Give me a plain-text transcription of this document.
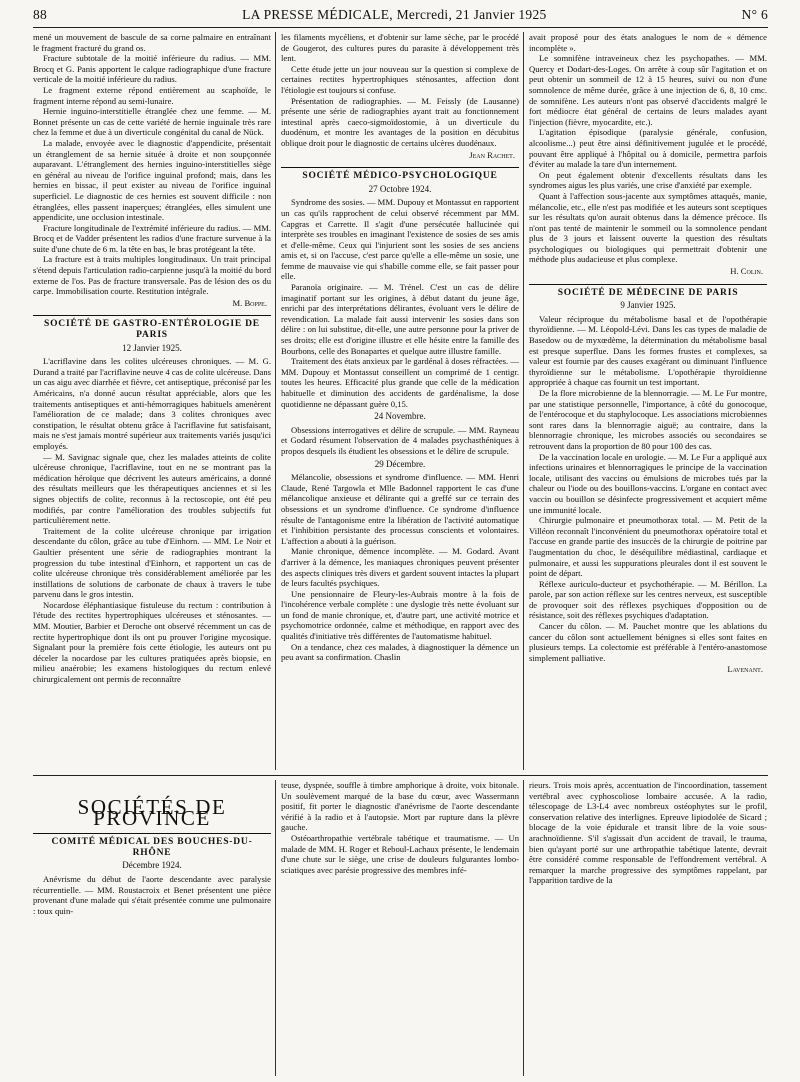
88	LA PRESSE MÉDICALE, Mercredi, 21 Janvier 1925	N° 6

mené un mouvement de bascule de sa corne palmaire en entraînant le fragment fracturé du grand os.

Fracture subtotale de la moitié inférieure du radius. — MM. Brocq et G. Panis apportent le calque radiographique d'une fracture verticale de la moitié inférieure du radius.

Le fragment externe répond entièrement au scaphoïde, le fragment interne répond au semi-lunaire.

Hernie inguino-interstitielle étranglée chez une femme. — M. Bonnet présente un cas de cette variété de hernie inguinale très rare chez la femme et due à un diverticule congénital du canal de Nück.

La malade, envoyée avec le diagnostic d'appendicite, présentait un étranglement de sa hernie située à droite et non soupçonnée auparavant. L'étranglement des hernies inguino-interstitielles siège en général au niveau de l'orifice inguinal profond; mais, dans les hernies en bissac, il peut exister au niveau de l'orifice inguinal superficiel. Le diagnostic de ces hernies est souvent difficile : non étranglées, elles passent inaperçues; étranglées, elles simulent une appendicite, une occlusion intestinale.

Fracture longitudinale de l'extrémité inférieure du radius. — MM. Brocq et de Vadder présentent les radios d'une fracture survenue à la suite d'une chute de 6 m. la tête en bas, le bras protégeant la tête.

La fracture est à traits multiples longitudinaux. Un trait principal s'étend depuis l'articulation radio-carpienne jusqu'à la moitié du bord externe de l'os. Pas de fracture transversale. Pas de lésion des os du carpe. Immobilisation courte. Restitution intégrale.

M. Boppe.
SOCIÉTÉ DE GASTRO-ENTÉROLOGIE DE PARIS
12 Janvier 1925.

L'acriflavine dans les colites ulcéreuses chroniques. — M. G. Durand a traité par l'acriflavine neuve 4 cas de colite ulcéreuse. Dans un cas aigu avec diarrhée et fièvre, cet antiseptique, préconisé par les Américains, n'a donné aucun résultat appréciable, alors que les traitements antiseptiques et anti-hémorragiques habituels amenèrent l'amélioration de ce malade; dans 3 colites chroniques avec constipation, le résultat obtenu grâce à l'acriflavine fut satisfaisant, mais ne s'est jamais montré supérieur aux traitements variés jusqu'ici employés.

— M. Savignac signale que, chez les malades atteints de colite ulcéreuse chronique, l'acriflavine, tout en ne se montrant pas la médication héroïque que décrivent les auteurs américains, a donné des résultats meilleurs que les thérapeutiques anciennes et si les signes objectifs de colite, reconnus à la rectoscopie, ont été peu modifiés, par contre l'amélioration des troubles subjectifs fut particulièrement nette.

Traitement de la colite ulcéreuse chronique par irrigation descendante du côlon, grâce au tube d'Einhorn. — MM. Le Noir et Gaultier présentent une série de radiographies montrant la progression du tube intestinal d'Einhorn, et rapportent un cas de colite ulcéreuse chronique très considérablement améliorée par les instillations de solutions de carbonate de chaux à travers le tube parvenu dans le gros intestin.

Nocardose éléphantiasique fistuleuse du rectum : contribution à l'étude des rectites hypertrophiques ulcéreuses et sténosantes. — MM. Moutier, Barbier et Deroche ont observé récemment un cas de rectite hypertrophique dont ils ont pu prouver l'origine mycosique. Signalant pour la première fois cette étiologie, les auteurs ont pu déceler la nocardose par les cultures pratiquées après biopsie, en milieu anaérobie; les examens histologiques du rectum enlevé chirurgicalement ont permis de reconnaître

les filaments mycéliens, et d'obtenir sur lame sèche, par le procédé de Gougerot, des cultures pures du parasite à développement très lent.

Cette étude jette un jour nouveau sur la question si complexe de certaines rectites hypertrophiques sténosantes, affection dont l'étiologie est toujours si confuse.

Présentation de radiographies. — M. Feissly (de Lausanne) présente une série de radiographies ayant trait au fonctionnement intestinal après caeco-sigmoïdostomie, à un diverticule du duodénum, et montre les avantages de la position en décubitus oblique droit pour le diagnostic de certains ulcères duodénaux.

Jean Rachet.
SOCIÉTÉ MÉDICO-PSYCHOLOGIQUE
27 Octobre 1924.

Syndrome des sosies. — MM. Dupouy et Montassut en rapportent un cas qu'ils rapprochent de celui observé récemment par MM. Capgras et Carrette. Il s'agit d'une persécutée hallucinée qui interprète ses troubles en imaginant l'existence de sosies de ses amis et d'elle-même. Ceux qui l'injurient sont les sosies de ses anciens amis et, si on l'accuse, c'est parce qu'elle a elle-même un sosie, une femme de mauvaise vie qui s'habille comme elle, se fait passer pour elle.

Paranoïa originaire. — M. Trénel. C'est un cas de délire imaginatif portant sur les origines, à début datant du jeune âge, enrichi par des interprétations délirantes, évoluant vers le délire de revendication. La malade fait aussi intervenir les sosies dans son délire : on lui substitue, dit-elle, une autre personne pour la priver de ses droits; elle est d'origine illustre et elle hésite entre la famille des Bourbons, celle des Bonapartes et quelque autre illustre famille.

Traitement des états anxieux par le gardénal à doses réfractées. — MM. Dupouy et Montassut conseillent un comprimé de 1 centigr. toutes les heures. Efficacité plus grande que celle de la médication habituelle et diminution des accidents de gardénalisme, la dose quotidienne ne dépassant guère 0,15.

24 Novembre.

Obsessions interrogatives et délire de scrupule. — MM. Rayneau et Godard résument l'observation de 4 malades psychasthéniques à propos desquels ils étudient les obsessions et le délire de scrupule.

29 Décembre.

Mélancolie, obsessions et syndrome d'influence. — MM. Henri Claude, René Targowla et Mlle Badonnel rapportent le cas d'une mélancolique anxieuse et délirante qui a greffé sur ce terrain des obsessions et un syndrome d'influence. Ce syndrome d'influence résulte de l'antagonisme entre la libération de l'activité automatique et l'inhibition persistante des processus conscients et volontaires. L'affection a abouti à la guérison.

Manie chronique, démence incomplète. — M. Godard. Avant d'arriver à la démence, les maniaques chroniques peuvent présenter des aspects cliniques très divers et gardent souvent intactes la plupart de leurs facultés psychiques.

Une pensionnaire de Fleury-les-Aubrais montre à la fois de l'incohérence verbale complète : une dyslogie très nette évoluant sur un fond de manie chronique, et, d'autre part, une activité motrice et psychomotrice ordonnée, calme et méthodique, en rapport avec des qualités d'initiative très différentes de l'automatisme habituel.

On a tendance, chez ces malades, à diagnostiquer la démence un peu avant sa confirmation. Chaslin

avait proposé pour des états analogues le nom de « démence incomplète ».

Le somnifène intraveineux chez les psychopathes. — MM. Quercy et Dodart-des-Loges. On arrête à coup sûr l'agitation et on peut obtenir un sommeil de 12 à 15 heures, suivi ou non d'une somnolence de même durée, grâce à une injection de 6, 8, 10 cmc. de somnifène. Les auteurs n'ont pas observé d'accidents malgré le fort médiocre état général de certains de leurs malades ayant l'injection (fièvre, myocardite, etc.).

L'agitation épisodique (paralysie générale, confusion, alcoolisme...) peut être ainsi définitivement jugulée et le procédé, pouvant être appliqué à l'hôpital ou à domicile, permettra parfois d'éviter au malade la tare d'un internement.

On peut également obtenir d'excellents résultats dans les syndromes aigus les plus variés, une crise d'anxiété par exemple.

Quant à l'affection sous-jacente aux symptômes attaqués, manie, mélancolie, etc., elle n'est pas modifiée et les auteurs sont sceptiques sur les résultats qu'on aurait obtenus dans la démence précoce. Ils n'ont pas tenté de maintenir le sommeil ou la somnolence pendant plus de 3 jours et laissent ouverte la question des résultats psychologiques ou biologiques qui permettrait d'obtenir une méthode plus audacieuse et plus complexe.

H. Colin.
SOCIÉTÉ DE MÉDECINE DE PARIS
9 Janvier 1925.

Valeur réciproque du métabolisme basal et de l'opothérapie thyroïdienne. — M. Léopold-Lévi. Dans les cas types de maladie de Basedow ou de myxœdème, la détermination du métabolisme basal est presque superflue. Dans les formes frustes et complexes, sa valeur est fournie par des causes exagérant ou diminuant l'influence thyroïdienne sur le métabolisme. L'opothérapie thyroïdienne appropriée à chaque cas fournit un test important.

De la flore microbienne de la blennorragie. — M. Le Fur montre, par une statistique personnelle, l'importance, à côté du gonocoque, de l'entérocoque et du staphylocoque. Les associations microbiennes sont rares dans la blennorragie aiguë; au contraire, dans la blennorragie chronique, les microbes associés ou secondaires se retrouvent dans la proportion de 80 pour 100 des cas.

De la vaccination locale en urologie. — M. Le Fur a appliqué aux infections urinaires et blennorragiques le principe de la vaccination locale, utilisant des vaccins ou émulsions de microbes tués par la chaleur ou l'iode ou des bouillons-vaccins. L'organe en contact avec vaccin ou bouillon se désinfecte progressivement et acquiert même une immunité locale.

Chirurgie pulmonaire et pneumothorax total. — M. Petit de la Villéon reconnaît l'inconvénient du pneumothorax opératoire total et l'accuse en grande partie des insuccès de la chirurgie de poitrine par l'augmentation du choc, le déséquilibre médiastinal, cardiaque et pulmonaire, et aussi les suppurations pleurales dont il est souvent le point de départ.

Réflexe auriculo-ducteur et psychothérapie. — M. Bérillon. La parole, par son action réflexe sur les centres nerveux, est susceptible de provoquer soit des réflexes psychiques d'opposition ou de résistance, soit des réflexes psychiques d'adaptation.

Cancer du côlon. — M. Pauchet montre que les ablations du cancer du côlon sont actuellement bénignes si elles sont faites en plusieurs temps. La colectomie est préférable à l'entéro-anastomose simplement palliative.

Lavenant.
SOCIÉTÉS DE PROVINCE
COMITÉ MÉDICAL DES BOUCHES-DU-RHÔNE
Décembre 1924.

Anévrisme du début de l'aorte descendante avec paralysie récurrentielle. — MM. Roustacroix et Benet présentent une pièce provenant d'une malade qui s'était présentée comme une pulmonaire : toux quin-

teuse, dyspnée, souffle à timbre amphorique à droite, voix bitonale. Un soulèvement marqué de la base du cœur, avec Wassermann positif, fit porter le diagnostic d'anévrisme de l'aorte descendante vérifié à la radio et à l'autopsie. Mort par rupture dans la plèvre gauche.

Ostéoarthropathie vertébrale tabétique et traumatisme. — Un malade de MM. H. Roger et Reboul-Lachaux présente, le lendemain d'une chute sur le siège, une crise de douleurs fulgurantes lombo-sciatiques avec parésie progressive des membres infé-

rieurs. Trois mois après, accentuation de l'incoordination, tassement vertébral avec cyphoscoliose lombaire accusée. A la radio, télescopage de L3-L4 avec nombreux ostéophytes sur le profil, conservation relative des interlignes. Epreuve lipiodolée de Sicard ; blocage de la voie épidurale et transit libre de la voie sous-arachnoïdienne. S'il s'agissait d'un accident de travail, le trauma, bien qu'ayant porté sur une arthropathie tabétique latente, devrait être considéré comme responsable de l'effondrement vertébral. A remarquer la marche progressive des symptômes rappelant, par l'apparition tardive de la
